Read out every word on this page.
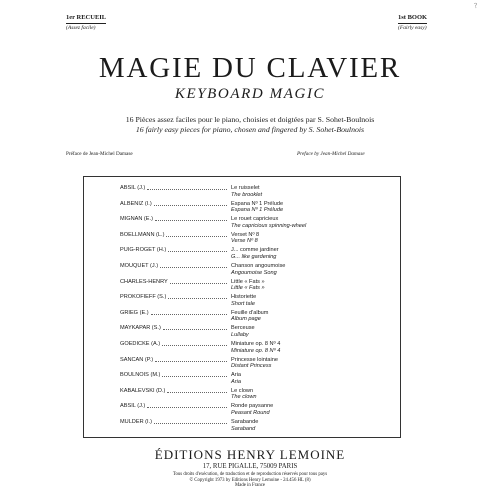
1er RECUEIL
(Assez facile)
1st BOOK
(Fairly easy)
?
MAGIE DU CLAVIER
KEYBOARD MAGIC
16 Pièces assez faciles pour le piano, choisies et doigtées par S. Sohet-Boulnois
16 fairly easy pieces for piano, chosen and fingered by S. Sohet-Boulnois
Préface de Jean-Michel Damase	Preface by Jean-Michel Damase
ABSIL (J.)	Le ruisselet
The brooklet
ALBENIZ (I.)	Espana Nº 1 Prélude
Espana Nº 1 Prélude
MIGNAN (E.)	Le rouet capricieux
The capricious spinning-wheel
BOELLMANN (L.)	Verset Nº 8
Verse Nº 8
PUIG-ROGET (H.)	J... comme jardiner
G... like gardening
MOUQUET (J.)	Chanson angoumoise
Angoumoise Song
CHARLES-HENRY	Little « Fats »
Little « Fats »
PROKOFIEFF (S.)	Historiette
Short tale
GRIEG (E.)	Feuille d'album
Album page
MAYKAPAR (S.)	Berceuse
Lullaby
GOEDICKE (A.)	Miniature op. 8 Nº 4
Miniature op. 8 Nº 4
SANCAN (P.)	Princesse lointaine
Distant Princess
BOULNOIS (M.)	Aria
Aria
KABALEVSKI (D.)	Le clown
The clown
ABSIL (J.)	Ronde paysanne
Peasant Round
MULDER (I.)	Sarabande
Saraband
ÉDITIONS HENRY LEMOINE
17, RUE PIGALLE, 75009 PARIS
Tous droits d'exécution, de traduction et de reproduction réservés pour tous pays
© Copyright 1973 by Editions Henry Lemoine - 24.456 HL (8)
Made in France
